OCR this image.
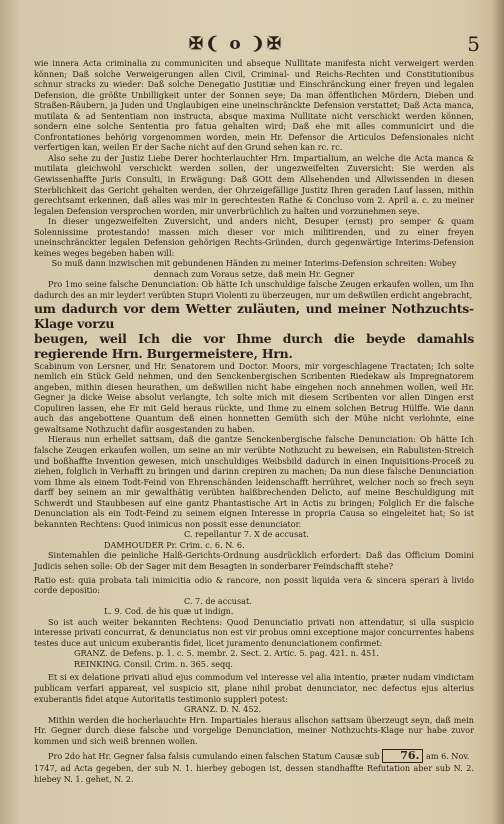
✠❨ o ❩✠	5

wie innera Acta criminalia zu communiciten und abseque Nullitate manifesta nicht verweigert werden können; Daß solche Verweigerungen allen Civil, Criminal- und Reichs-Rechten und Constitutionibus schnur stracks zu wieder: Daß solche Denegatio Justitiæ und Einschränckung einer freyen und legalen Defension, die größte Unbilligkeit unter der Sonnen seye; Da man öffentlichen Mördern, Dieben und Straßen-Räubern, ja Juden und Unglaubigen eine uneinschränckte Defension verstattet; Daß Acta manca, mutilata & ad Sententiam non instructa, absque maxima Nullitate nicht verschickt werden können, sondern eine solche Sententia pro fatua gehalten wird; Daß ehe mit alles communicirt und die Confrontationes behörig vorgenommen worden, mein Hr. Defensor die Articulos Defensionales nicht verfertigen kan, weilen Er der Sache nicht auf den Grund sehen kan rc. rc.

Also sehe zu der Justiz Liebe Derer hochterlauchter Hrn. Impartialium, an welche die Acta manca & mutilata gleichwohl verschickt werden sollen, der ungezweifelten Zuversicht: Sie werden als Gewissenhaffte Juris Consulti, in Erwägung: Daß GOtt dem Allsehenden und Allwissenden in diesen Sterblichkeit das Gericht gehalten werden, der Ohrzeigefällige Justitz Ihren geraden Lauf lassen, mithin gerechtsamt erkennen, daß alles was mir in gerechtesten Rathe & Concluso vom 2. April a. c. zu meiner legalen Defension versprochen worden, mir unverbrüchlich zu halten und vorzunehmen seye.

In dieser ungezweifelten Zuversicht, und anders nicht, Desuper (ernst) pro semper & quam Solennissime protestando! massen mich dieser vor mich militirenden, und zu einer freyen uneinschränckter legalen Defension gehörigen Rechts-Gründen, durch gegenwärtige Interims-Defension keines weges begeben haben will:

So muß dann inzwischen mit gebundenen Händen zu meiner Interims-Defension schreiten: Wobey dennach zum Voraus setze, daß mein Hr. Gegner

Pro 1mo seine falsche Denunciation: Ob hätte Ich unschuldige falsche Zeugen erkaufen wollen, um Ihn dadurch des an mir leyder! verübten Stupri Violenti zu überzeugen, nur um deßwillen erdicht angebracht,

um dadurch vor dem Wetter zuläuten, und meiner Nothzuchts-Klage vorzu

beugen, weil Ich die vor Ihme durch die beyde damahls regierende Hrn. Burgermeistere, Hrn.

Scabinum von Lersner, und Hr. Senatorem und Doctor. Moors, mir vorgeschlagene Tractaten; Ich solte nemlich ein Stück Geld nehmen, und den Senckenbergischen Scribenten Riedekaw als Impregnatorem angeben, mithin diesen heurathen, um deßwillen nicht habe eingehen noch annehmen wollen, weil Hr. Gegner ja dicke Weise absolut verlangte, Ich solte mich mit diesem Scribenten vor allen Dingen erst Copuliren lassen, ehe Er mit Geld heraus rückte, und Ihme zu einem solchen Betrug Hülffe. Wie dann auch das angebottene Quantum deß einen honnetten Gemüth sich der Mühe nicht verlohnte, eine gewaltsame Nothzucht dafür ausgestanden zu haben.

Hieraus nun erhellet sattsam, daß die gantze Senckenbergische falsche Denunciation: Ob hätte Ich falsche Zeugen erkaufen wollen, um seine an mir verübte Nothzucht zu beweisen, ein Rabulisten-Streich und boßhaffte Invention gewesen, mich unschuldiges Weibsbild dadurch in einen Inquisitions-Proceß zu ziehen, folglich in Verhafft zu bringen und darinn crepiren zu machen; Da nun diese falsche Denunciation vom Ihme als einem Todt-Feind von Ehrenschänden leidenschafft herrühret, welcher noch so frech seyn darff bey seinem an mir gewalthätig verübten halßbrechenden Delicto, auf meine Beschuldigung mit Schwerdt und Staubbesen auf eine gantz Phantastische Art in Actis zu bringen; Folglich Er die falsche Denunciation als ein Todt-Feind zu seinem eignen Interesse in propria Causa so eingeleitet hat; So ist bekannten Rechtens: Quod inimicus non possit esse denunciator.

C. repellantur 7. X de accusat.

DAMHOUDER Pr. Crim. c. 6. N. 6.

Sintemahlen die peinliche Halß-Gerichts-Ordnung ausdrücklich erfordert: Daß das Officium Domini Judicis sehen solle: Ob der Sager mit dem Besagten in sonderbarer Feindschafft stehe?

Ratio est: quia probata tali inimicitia odio & rancore, non possit liquida vera & sincera sperari à livido corde depositio:

C. 7. de accusat.

L. 9. Cod. de his quæ ut indign.

So ist auch weiter bekannten Rechtens: Quod Denunciatio privati non attendatur, si ulla suspicio interesse privati concurrat, & denunciatus non est vir probus omni exceptione major concurrentes habens testes duce aut unicum exuberantis fidei, licet juramento denunciationem confirmet:

GRANZ. de Defens. p. 1. c. 5. membr. 2. Sect. 2. Artic. 5. pag. 421. n. 451.

REINKING. Consil. Crim. n. 365. seqq.

Et si ex delatione privati aliud ejus commodum vel interesse vel alia intentio, præter nudam vindictam publicam verfari appareat, vel suspicio sit, plane nihil probat denunciator, nec defectus ejus alterius exuberantis fidei atque Autoritatis testimonio suppleri potest:

GRANZ. D. N. 452.

Mithin werden die hocherlauchte Hrn. Impartiales hieraus allschon sattsam überzeugt seyn, daß mein Hr. Gegner durch diese falsche und vorgelige Denunciation, meiner Nothzuchts-Klage nur habe zuvor kommen und sich weiß brennen wollen.

Pro 2do hat Hr. Gegner falsa falsis cumulando einen falschen Statum Causæ sub 76. am 6. Nov.

1747, ad Acta gegeben, der sub N. 1. hierbey gebogen ist, dessen standhaffte Refutation aber sub N. 2. hiebey N. 1. gehet, N. 2.
